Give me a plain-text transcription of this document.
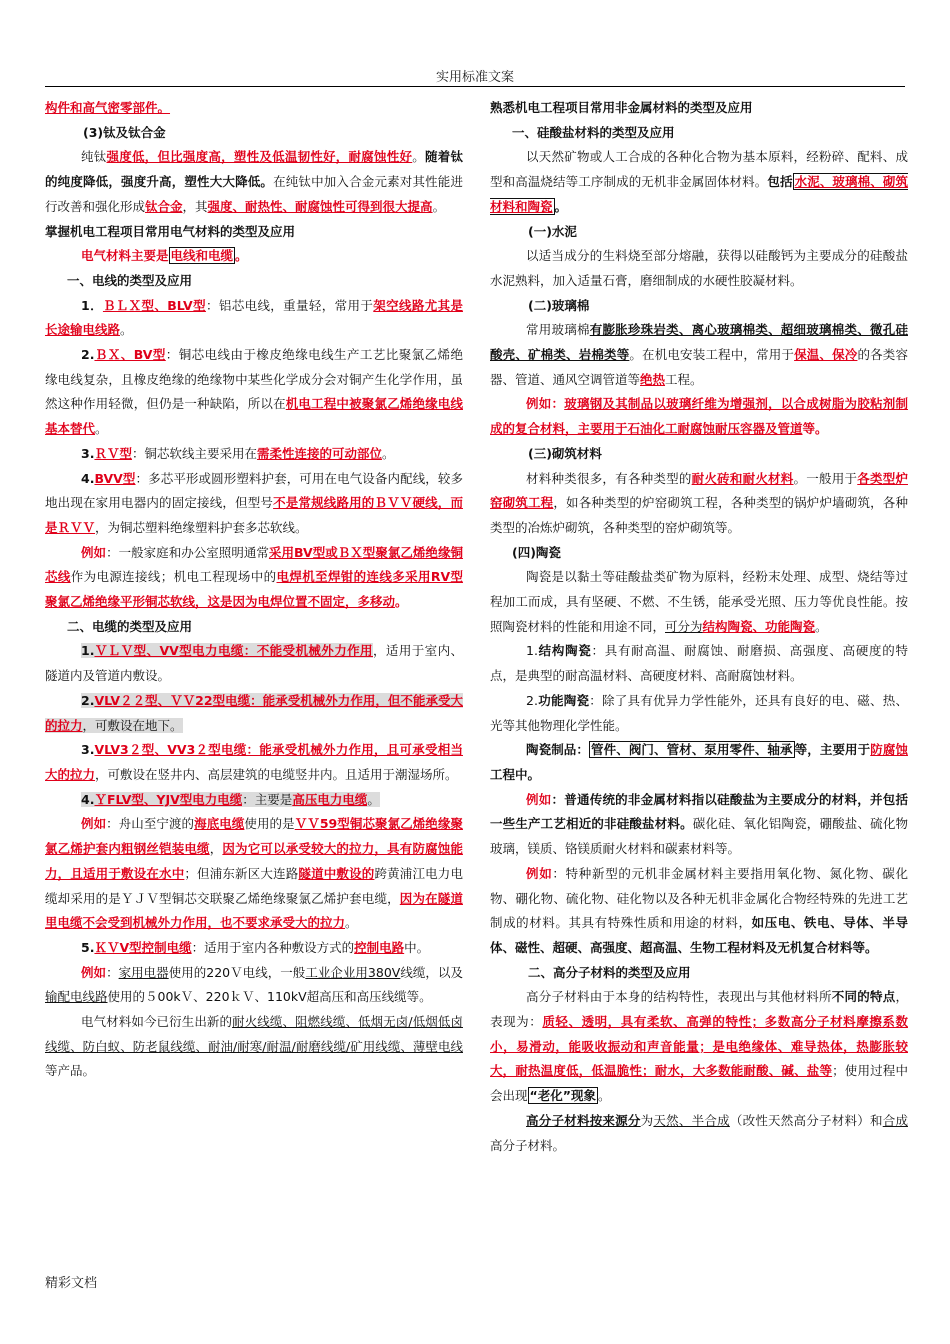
实用标准文案

构件和高气密零部件。

(3)钛及钛合金

纯钛强度低，但比强度高，塑性及低温韧性好，耐腐蚀性好。随着钛的纯度降低，强度升高，塑性大大降低。在纯钛中加入合金元素对其性能进行改善和强化形成钛合金，其强度、耐热性、耐腐蚀性可得到很大提高。

掌握机电工程项目常用电气材料的类型及应用

电气材料主要是 电线和电缆 。

一、电线的类型及应用

1．ＢＬＸ型、BLV型：铝芯电线，重量轻，常用于架空线路尤其是长途输电线路。

2.ＢＸ、BV型：铜芯电线由于橡皮绝缘电线生产工艺比聚氯乙烯绝缘电线复杂，且橡皮绝缘的绝缘物中某些化学成分会对铜产生化学作用，虽然这种作用轻微，但仍是一种缺陷，所以在机电工程中被聚氯乙烯绝缘电线基本替代。

3.ＲＶ型：铜芯软线主要采用在需柔性连接的可动部位。

4.BVV型：多芯平形或圆形塑料护套，可用在电气设备内配线，较多地出现在家用电器内的固定接线，但型号不是常规线路用的ＢＶＶ硬线，而是ＲＶＶ，为铜芯塑料绝缘塑料护套多芯软线。

例如：一般家庭和办公室照明通常采用BV型或ＢＸ型聚氯乙烯绝缘铜芯线作为电源连接线；机电工程现场中的电焊机至焊钳的连线多采用RV型聚氯乙烯绝缘平形铜芯软线，这是因为电焊位置不固定，多移动。

二、电缆的类型及应用

1.ＶＬＶ型、VV型电力电缆：不能受机械外力作用，适用于室内、隧道内及管道内敷设。

2.VLV２２型、ＶＶ22型电缆：能承受机械外力作用，但不能承受大的拉力，可敷设在地下。

3.VLV3２型、VV3２型电缆：能承受机械外力作用，且可承受相当大的拉力，可敷设在竖井内、高层建筑的电缆竖井内。且适用于潮湿场所。

4.ＹFLV型、YJV型电力电缆：主要是高压电力电缆。

例如：舟山至宁渡的海底电缆使用的是ＶＶ59型铜芯聚氯乙烯绝缘聚氯乙烯护套内粗钢丝铠装电缆，因为它可以承受较大的拉力，具有防腐蚀能力，且适用于敷设在水中；但浦东新区大连路隧道中敷设的跨黄浦江电力电缆却采用的是ＹＪＶ型铜芯交联聚乙烯绝缘聚氯乙烯护套电缆，因为在隧道里电缆不会受到机械外力作用，也不要求承受大的拉力。

5.ＫＶV型控制电缆：适用于室内各种敷设方式的控制电路中。

例如：家用电器使用的220Ｖ电线，一般工业企业用380V线缆，以及输配电线路使用的５00kＶ、220ｋＶ、110kV超高压和高压线缆等。

电气材料如今已衍生出新的耐火线缆、阻燃线缆、低烟无卤/低烟低卤线缆、防白蚁、防老鼠线缆、耐油/耐寒/耐温/耐磨线缆/矿用线缆、薄壁电线等产品。

熟悉机电工程项目常用非金属材料的类型及应用

一、硅酸盐材料的类型及应用

以天然矿物或人工合成的各种化合物为基本原料，经粉碎、配料、成型和高温烧结等工序制成的无机非金属固体材料。包括 水泥、玻璃棉、砌筑材料和陶瓷 。

(一)水泥

以适当成分的生料烧至部分熔融，获得以硅酸钙为主要成分的硅酸盐水泥熟料，加入适量石膏，磨细制成的水硬性胶凝材料。

(二)玻璃棉

常用玻璃棉有膨胀珍珠岩类、离心玻璃棉类、超细玻璃棉类、微孔硅酸壳、矿棉类、岩棉类等。在机电安装工程中，常用于保温、保冷的各类容器、管道、通风空调管道等绝热工程。

例如：玻璃钢及其制品以玻璃纤维为增强剂，以合成树脂为胶粘剂制成的复合材料，主要用于石油化工耐腐蚀耐压容器及管道等。

(三)砌筑材料

材料种类很多，有各种类型的耐火砖和耐火材料。一般用于各类型炉窑砌筑工程，如各种类型的炉窑砌筑工程，各种类型的锅炉炉墙砌筑，各种类型的冶炼炉砌筑，各种类型的窑炉砌筑等。

(四)陶瓷

陶瓷是以黏土等硅酸盐类矿物为原料，经粉末处理、成型、烧结等过程加工而成，具有坚硬、不燃、不生锈，能承受光照、压力等优良性能。按照陶瓷材料的性能和用途不同，可分为结构陶瓷、功能陶瓷。

1.结构陶瓷：具有耐高温、耐腐蚀、耐磨损、高强度、高硬度的特点，是典型的耐高温材料、高硬度材料、高耐腐蚀材料。

2.功能陶瓷：除了具有优异力学性能外，还具有良好的电、磁、热、光等其他物理化学性能。

陶瓷制品： 管件、阀门、管材、泵用零件、轴承 等，主要用于防腐蚀工程中。

例如：普通传统的非金属材料指以硅酸盐为主要成分的材料，并包括一些生产工艺相近的非硅酸盐材料。碳化硅、氧化铝陶瓷，硼酸盐、硫化物玻璃，镁质、铬镁质耐火材料和碳素材料等。

例如：特种新型的元机非金属材料主要指用氧化物、氮化物、碳化物、硼化物、硫化物、硅化物以及各种无机非金属化合物经特殊的先进工艺制成的材料。其具有特殊性质和用途的材料，如压电、铁电、导体、半导体、磁性、超硬、高强度、超高温、生物工程材料及无机复合材料等。

二、高分子材料的类型及应用

高分子材料由于本身的结构特性，表现出与其他材料所不同的特点，表现为：质轻、透明，具有柔软、高弹的特性；多数高分子材料摩擦系数小，易滑动，能吸收振动和声音能量；是电绝缘体、难导热体，热膨胀较大，耐热温度低，低温脆性；耐水，大多数能耐酸、碱、盐等；使用过程中会出现 “老化”现象 。

高分子材料按来源分为天然、半合成（改性天然高分子材料）和合成高分子材料。

精彩文档
